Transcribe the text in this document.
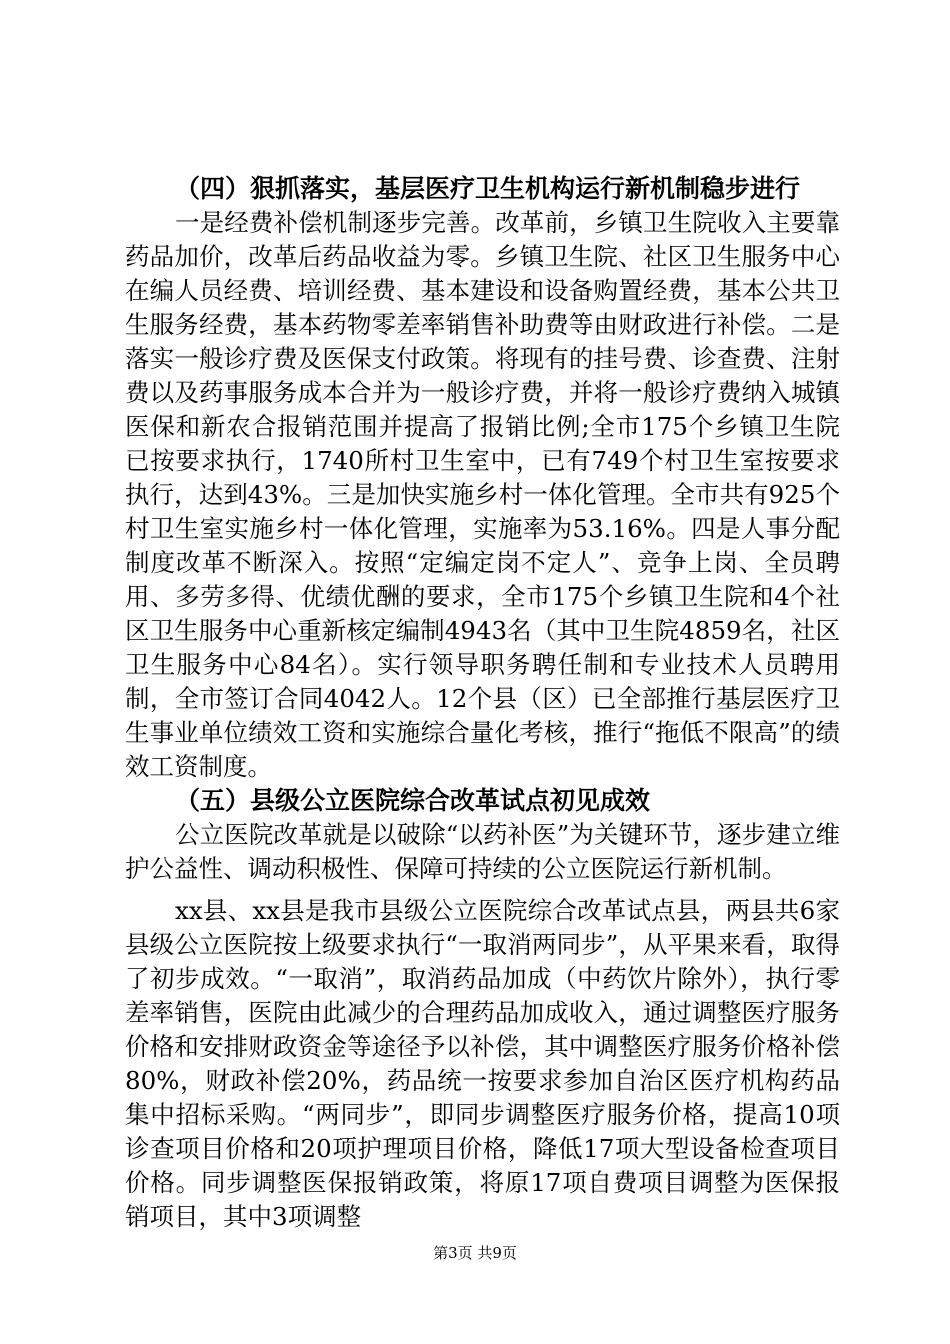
（四）狠抓落实，基层医疗卫生机构运行新机制稳步进行

一是经费补偿机制逐步完善。改革前，乡镇卫生院收入主要靠药品加价，改革后药品收益为零。乡镇卫生院、社区卫生服务中心在编人员经费、培训经费、基本建设和设备购置经费，基本公共卫生服务经费，基本药物零差率销售补助费等由财政进行补偿。二是落实一般诊疗费及医保支付政策。将现有的挂号费、诊查费、注射费以及药事服务成本合并为一般诊疗费，并将一般诊疗费纳入城镇医保和新农合报销范围并提高了报销比例;全市175个乡镇卫生院已按要求执行，1740所村卫生室中，已有749个村卫生室按要求执行，达到43%。三是加快实施乡村一体化管理。全市共有925个村卫生室实施乡村一体化管理，实施率为53.16%。四是人事分配制度改革不断深入。按照“定编定岗不定人”、竞争上岗、全员聘用、多劳多得、优绩优酬的要求，全市175个乡镇卫生院和4个社区卫生服务中心重新核定编制4943名（其中卫生院4859名，社区卫生服务中心84名）。实行领导职务聘任制和专业技术人员聘用制，全市签订合同4042人。12个县（区）已全部推行基层医疗卫生事业单位绩效工资和实施综合量化考核，推行“拖低不限高”的绩效工资制度。

（五）县级公立医院综合改革试点初见成效

公立医院改革就是以破除“以药补医”为关键环节，逐步建立维护公益性、调动积极性、保障可持续的公立医院运行新机制。

xx县、xx县是我市县级公立医院综合改革试点县，两县共6家县级公立医院按上级要求执行“一取消两同步”，从平果来看，取得了初步成效。“一取消”，取消药品加成（中药饮片除外），执行零差率销售，医院由此减少的合理药品加成收入，通过调整医疗服务价格和安排财政资金等途径予以补偿，其中调整医疗服务价格补偿80%，财政补偿20%，药品统一按要求参加自治区医疗机构药品集中招标采购。“两同步”，即同步调整医疗服务价格，提高10项诊查项目价格和20项护理项目价格，降低17项大型设备检查项目价格。同步调整医保报销政策，将原17项自费项目调整为医保报销项目，其中3项调整

第3页 共9页
